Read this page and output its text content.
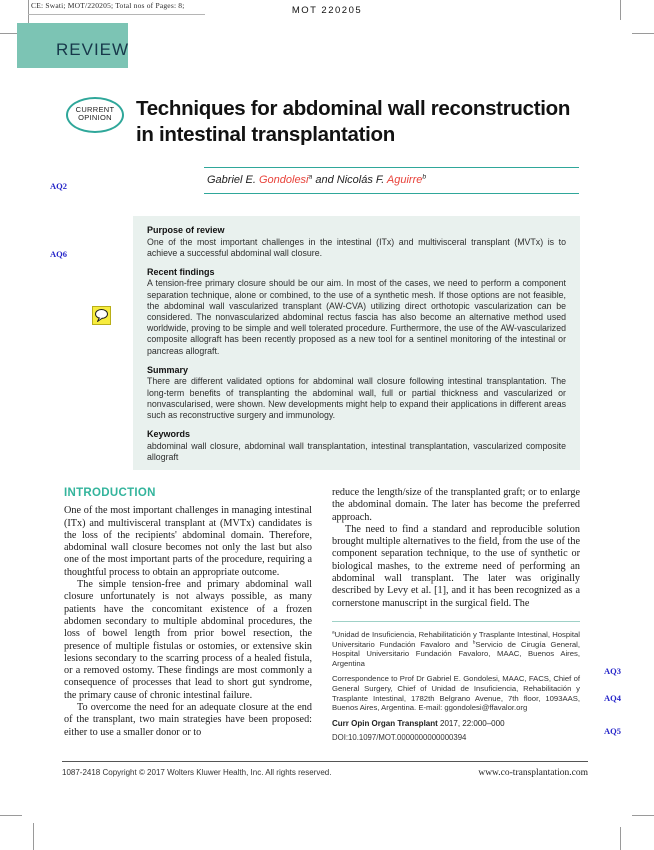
CE: Swati; MOT/220205; Total nos of Pages: 8;	MOT 220205
REVIEW
CURRENT
OPINION	Techniques for abdominal wall reconstruction
in intestinal transplantation
AQ2
AQ6
AQ3
AQ4
AQ5
Gabriel E. Gondolesi$^a$ and Nicolás F. Aguirre$^b$
Purpose of review
One of the most important challenges in the intestinal (ITx) and multivisceral transplant (MVTx) is to achieve a successful abdominal wall closure.
Recent findings
A tension-free primary closure should be our aim. In most of the cases, we need to perform a component separation technique, alone or combined, to the use of a synthetic mesh. If those options are not feasible, the abdominal wall vascularized transplant (AW-CVA) utilizing direct orthotopic vascularization can be considered. The nonvascularized abdominal rectus fascia has also become an alternative method used worldwide, proving to be simple and well tolerated procedure. Furthermore, the use of the AW-vascularized composite allograft has been recently proposed as a new tool for a sentinel monitoring of the intestinal or pancreas allograft.
Summary
There are different validated options for abdominal wall closure following intestinal transplantation. The long-term benefits of transplanting the abdominal wall, full or partial thickness and vascularized or nonvascularised, were shown. New developments might help to expand their applications in different areas such as reconstructive surgery and immunology.
Keywords
abdominal wall closure, abdominal wall transplantation, intestinal transplantation, vascularized composite allograft
INTRODUCTION

One of the most important challenges in managing intestinal (ITx) and multivisceral transplant at (MVTx) candidates is the loss of the recipients' abdominal domain. Therefore, abdominal wall closure becomes not only the last but also one of the most important parts of the procedure, requiring a thoughtful process to obtain an appropriate outcome.

The simple tension-free and primary abdominal wall closure unfortunately is not always possible, as many patients have the concomitant existence of a frozen abdomen secondary to multiple abdominal procedures, the loss of bowel length from prior bowel resection, the presence of multiple fistulas or ostomies, or extensive skin lesions secondary to the scarring process of a healed fistula, or a removed ostomy. These findings are most commonly a consequence of processes that lead to short gut syndrome, the primary cause of chronic intestinal failure.

To overcome the need for an adequate closure at the end of the transplant, two main strategies have been proposed: either to use a smaller donor or to

reduce the length/size of the transplanted graft; or to enlarge the abdominal domain. The later has become the preferred approach.

The need to find a standard and reproducible solution brought multiple alternatives to the field, from the use of the component separation technique, to the use of synthetic or biological mashes, to the extreme need of performing an abdominal wall transplant. The later was originally described by Levy et al. [1], and it has been recognized as a cornerstone manuscript in the surgical field. The

$^a$Unidad de Insuficiencia, Rehabilitatición y Trasplante Intestinal, Hospital Universitario Fundación Favaloro and $^b$Servicio de Cirugía General, Hospital Universitario Fundación Favaloro, MAAC, Buenos Aires, Argentina
Correspondence to Prof Dr Gabriel E. Gondolesi, MAAC, FACS, Chief of General Surgery, Chief of Unidad de Insuficiencia, Rehabilitación y Trasplante Intestinal, 1782th Belgrano Avenue, 7th floor, 1093AAS, Buenos Aires, Argentina. E-mail: ggondolesi@ffavalor.org
Curr Opin Organ Transplant 2017, 22:000–000
DOI:10.1097/MOT.0000000000000394
1087-2418 Copyright © 2017 Wolters Kluwer Health, Inc. All rights reserved.	www.co-transplantation.com
